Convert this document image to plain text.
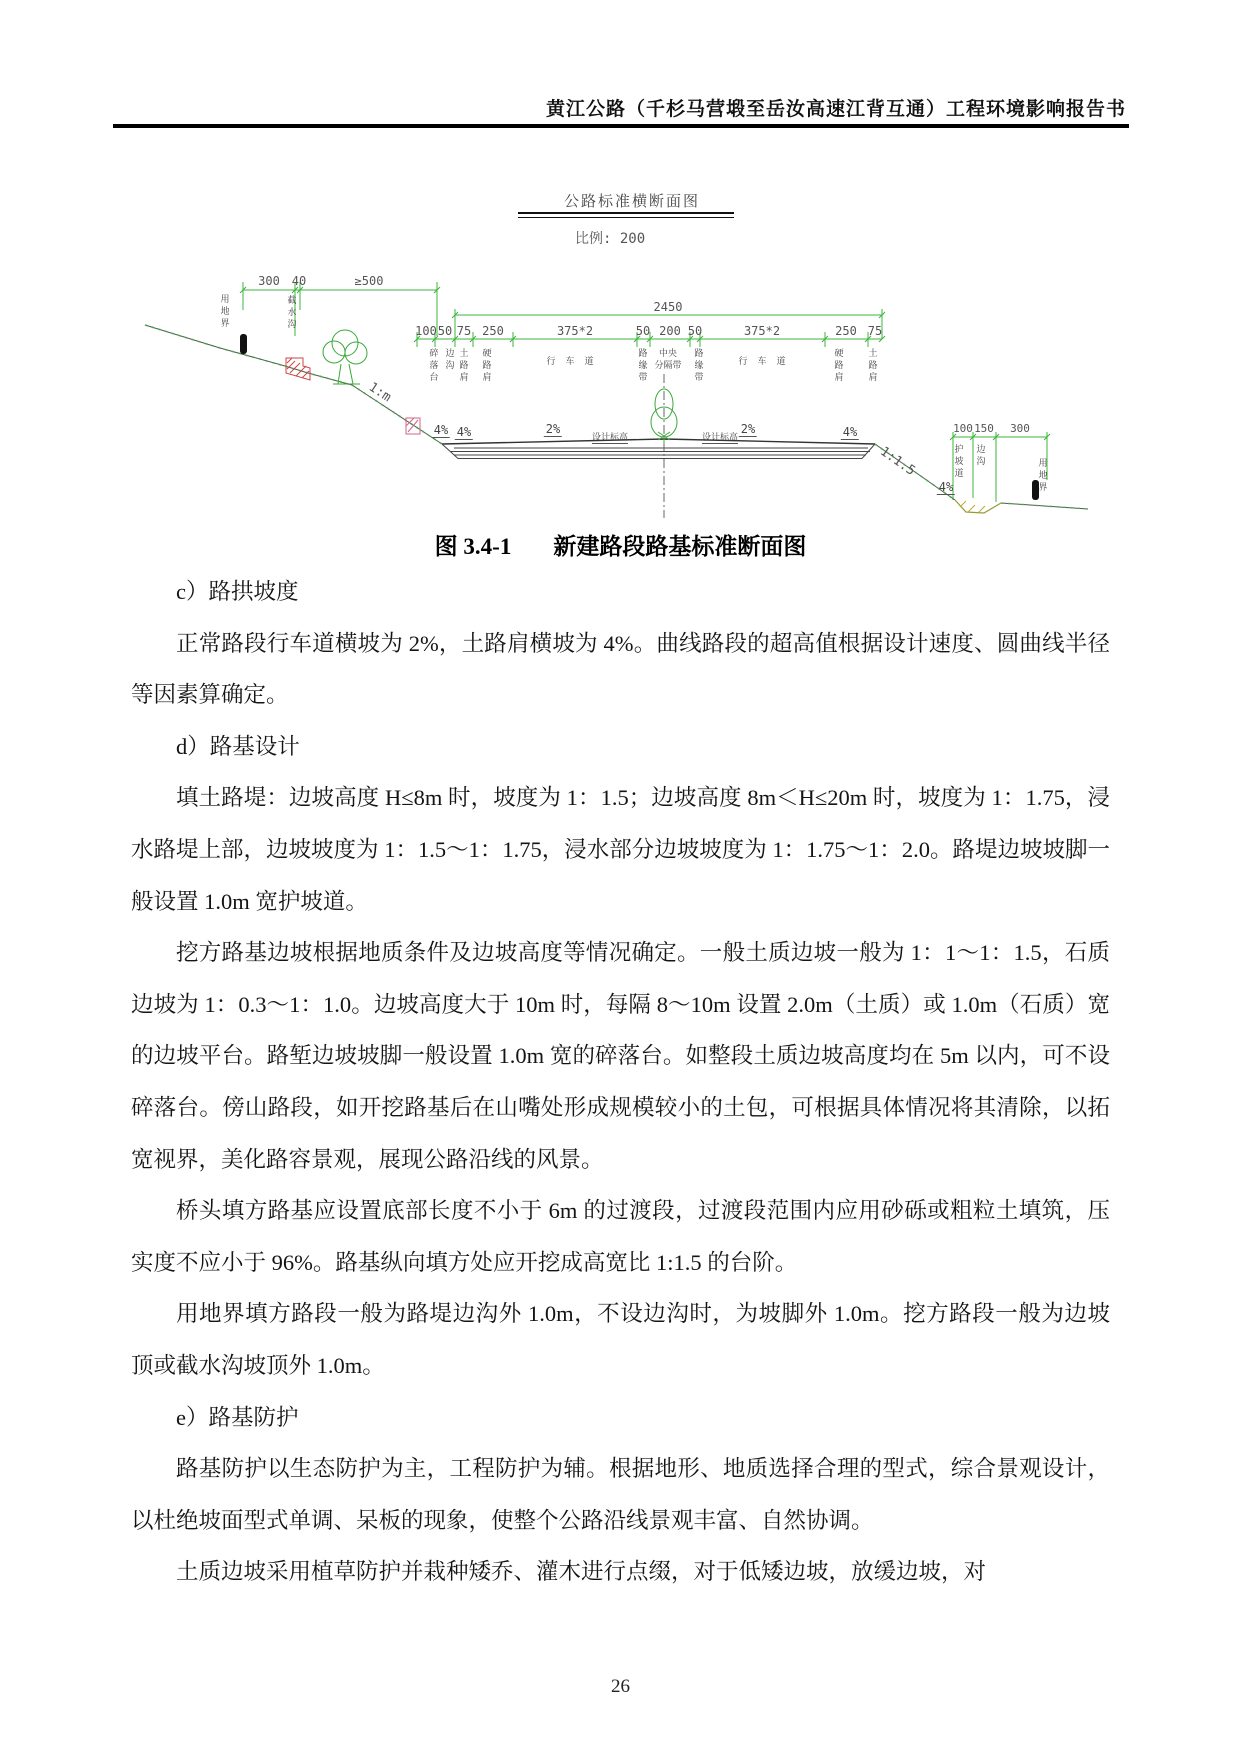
黄江公路（千杉马营塅至岳汝高速江背互通）工程环境影响报告书
公路标准横断面图
比例: 200
300 40	≥500
用地界	截水沟	2450
100 50 75 250	375*2	50 200 50	375*2	250 75
碎落台 边沟 土路肩 硬路肩	行车道	路缘带 中央
分隔带 路缘带	行车道	硬路肩	土路肩
100 150 300
护坡道 边沟
用地界
4% 4%	2%
设计标高	设计标高
2%	4%
4%
1:m
1:1.5
图 3.4-1 新建路段路基标准断面图

c）路拱坡度

正常路段行车道横坡为 2%，土路肩横坡为 4%。曲线路段的超高值根据设计速度、圆曲线半径等因素算确定。

d）路基设计

填土路堤：边坡高度 H≤8m 时，坡度为 1：1.5；边坡高度 8m＜H≤20m 时，坡度为 1：1.75，浸水路堤上部，边坡坡度为 1：1.5～1：1.75，浸水部分边坡坡度为 1：1.75～1：2.0。路堤边坡坡脚一般设置 1.0m 宽护坡道。

挖方路基边坡根据地质条件及边坡高度等情况确定。一般土质边坡一般为 1：1～1：1.5，石质边坡为 1：0.3～1：1.0。边坡高度大于 10m 时，每隔 8～10m 设置 2.0m（土质）或 1.0m（石质）宽的边坡平台。路堑边坡坡脚一般设置 1.0m 宽的碎落台。如整段土质边坡高度均在 5m 以内，可不设碎落台。傍山路段，如开挖路基后在山嘴处形成规模较小的土包，可根据具体情况将其清除，以拓宽视界，美化路容景观，展现公路沿线的风景。

桥头填方路基应设置底部长度不小于 6m 的过渡段，过渡段范围内应用砂砾或粗粒土填筑，压实度不应小于 96%。路基纵向填方处应开挖成高宽比 1:1.5 的台阶。

用地界填方路段一般为路堤边沟外 1.0m，不设边沟时，为坡脚外 1.0m。挖方路段一般为边坡顶或截水沟坡顶外 1.0m。

e）路基防护

路基防护以生态防护为主，工程防护为辅。根据地形、地质选择合理的型式，综合景观设计，以杜绝坡面型式单调、呆板的现象，使整个公路沿线景观丰富、自然协调。

土质边坡采用植草防护并栽种矮乔、灌木进行点缀，对于低矮边坡，放缓边坡，对

26
